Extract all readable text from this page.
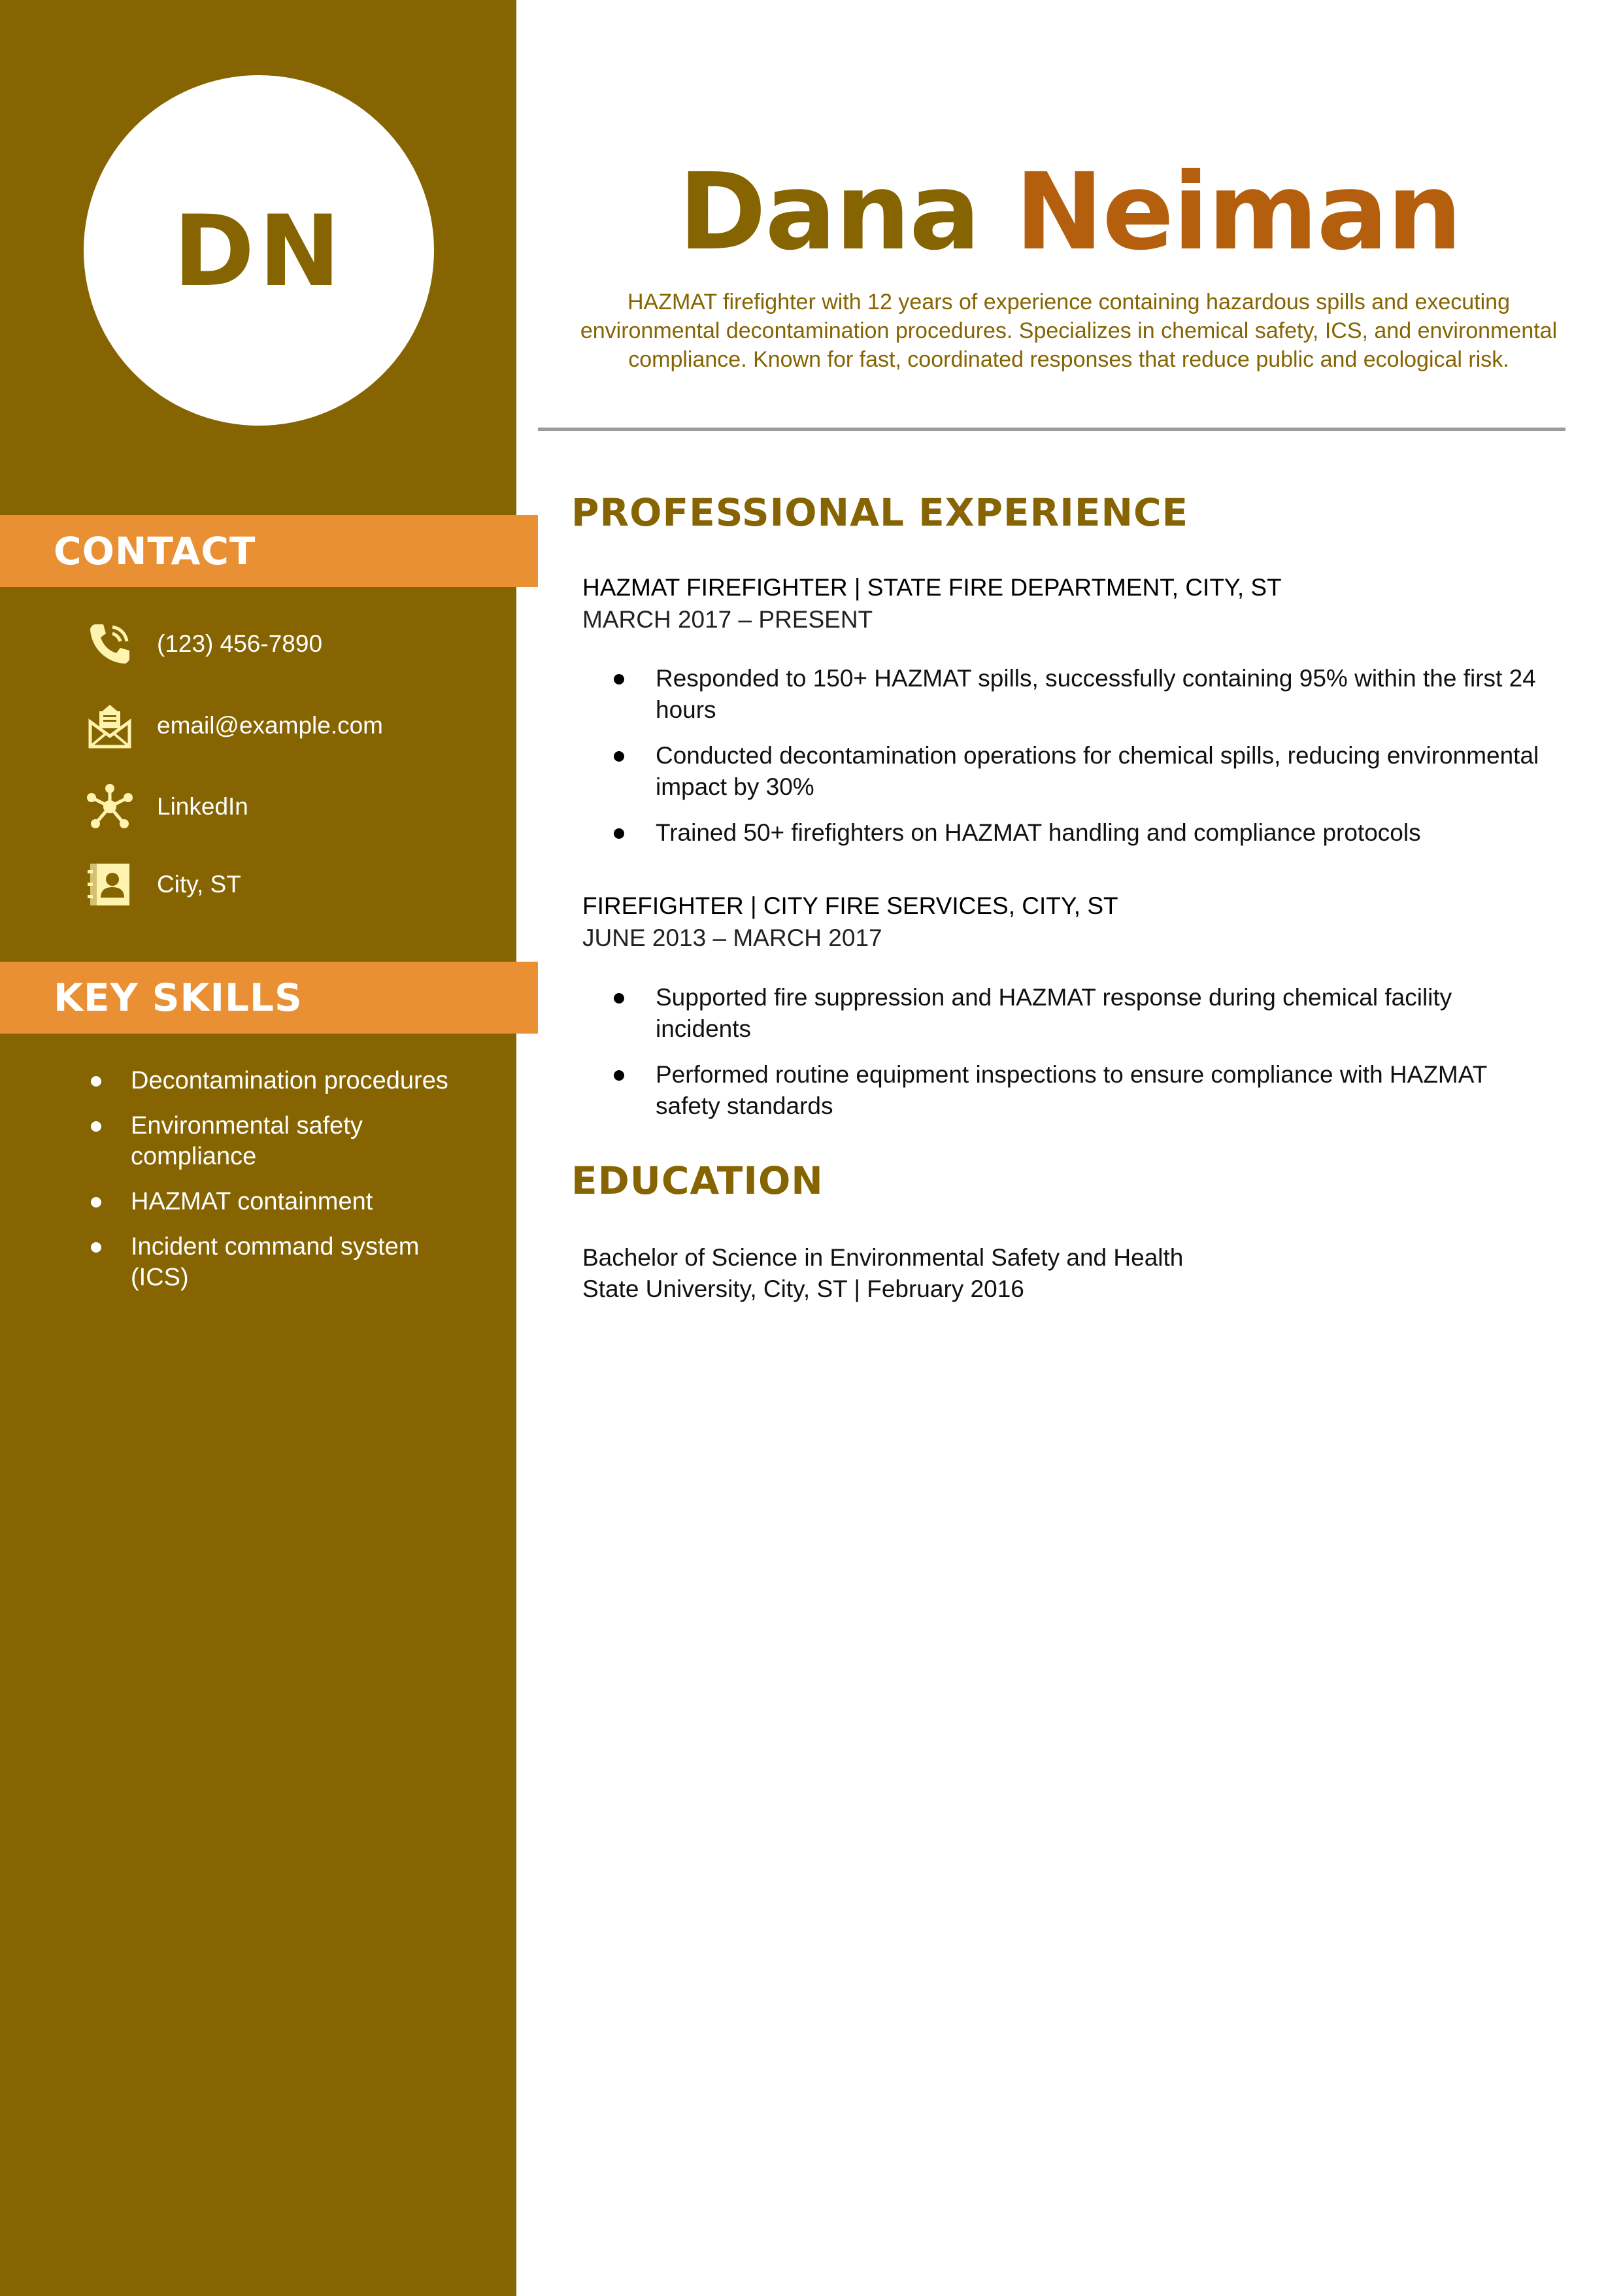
DN
CONTACT
(123) 456-7890
email@example.com
LinkedIn
City, ST
KEY SKILLS
Decontamination procedures
Environmental safety compliance
HAZMAT containment
Incident command system (ICS)
Dana Neiman
HAZMAT firefighter with 12 years of experience containing hazardous spills and executing environmental decontamination procedures. Specializes in chemical safety, ICS, and environmental compliance. Known for fast, coordinated responses that reduce public and ecological risk.
PROFESSIONAL EXPERIENCE
HAZMAT FIREFIGHTER | STATE FIRE DEPARTMENT, CITY, ST
MARCH 2017 – PRESENT
Responded to 150+ HAZMAT spills, successfully containing 95% within the first 24 hours
Conducted decontamination operations for chemical spills, reducing environmental impact by 30%
Trained 50+ firefighters on HAZMAT handling and compliance protocols
FIREFIGHTER | CITY FIRE SERVICES, CITY, ST
JUNE 2013 – MARCH 2017
Supported fire suppression and HAZMAT response during chemical facility incidents
Performed routine equipment inspections to ensure compliance with HAZMAT safety standards
EDUCATION
Bachelor of Science in Environmental Safety and Health
State University, City, ST | February 2016
